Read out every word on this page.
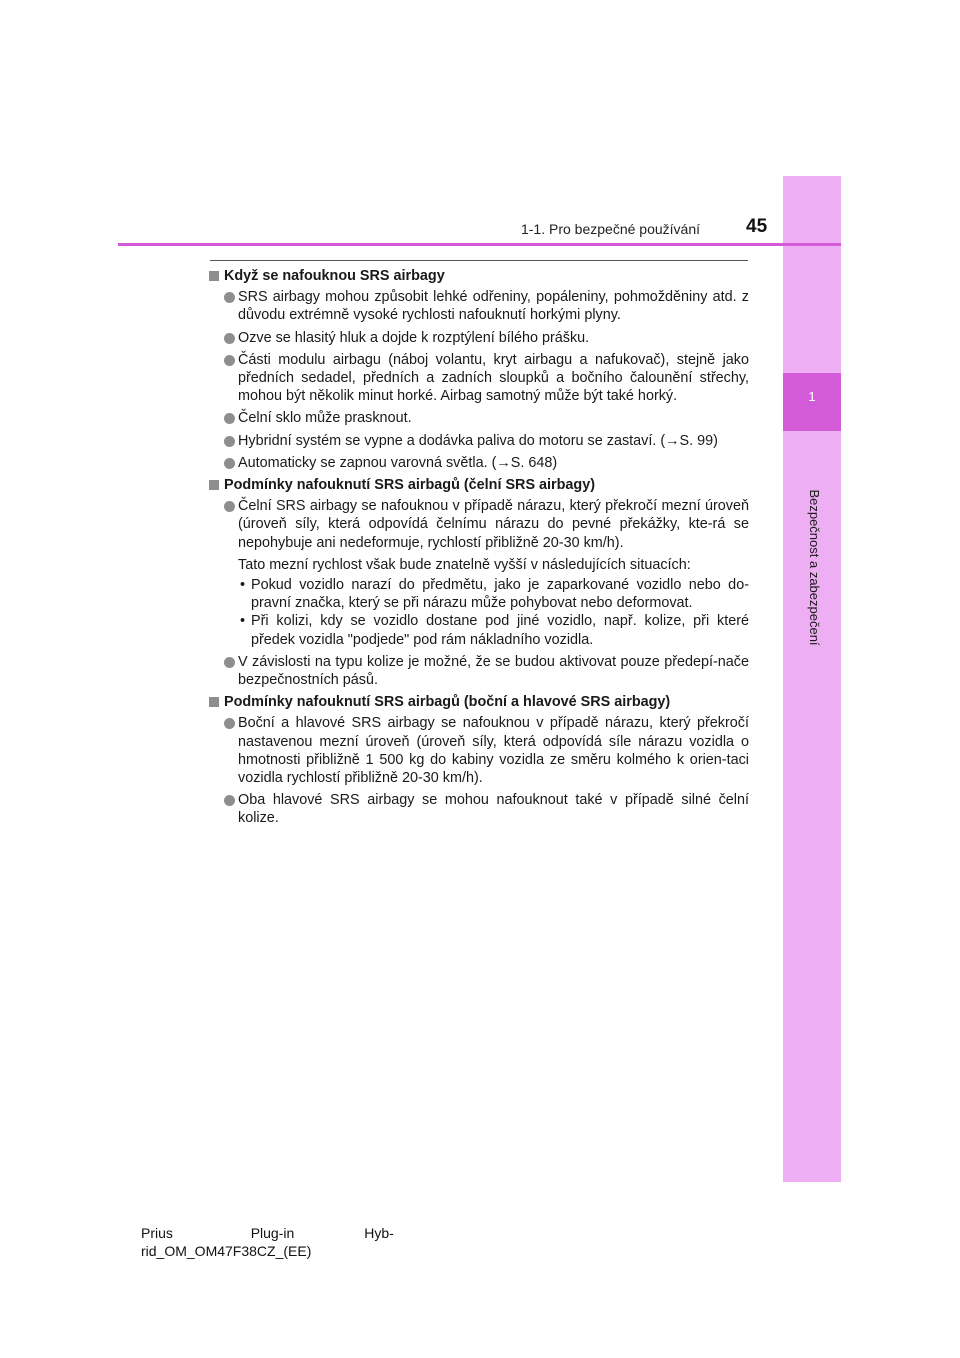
1
Bezpečnost a zabezpečení
1-1. Pro bezpečné používání 45
Když se nafouknou SRS airbagy
SRS airbagy mohou způsobit lehké odřeniny, popáleniny, pohmožděniny atd. z důvodu extrémně vysoké rychlosti nafouknutí horkými plyny.
Ozve se hlasitý hluk a dojde k rozptýlení bílého prášku.
Části modulu airbagu (náboj volantu, kryt airbagu a nafukovač), stejně jako předních sedadel, předních a zadních sloupků a bočního čalounění střechy, mohou být několik minut horké. Airbag samotný může být také horký.
Čelní sklo může prasknout.
Hybridní systém se vypne a dodávka paliva do motoru se zastaví. (→S. 99)
Automaticky se zapnou varovná světla. (→S. 648)
Podmínky nafouknutí SRS airbagů (čelní SRS airbagy)
Čelní SRS airbagy se nafouknou v případě nárazu, který překročí mezní úroveň (úroveň síly, která odpovídá čelnímu nárazu do pevné překážky, kte-rá se nepohybuje ani nedeformuje, rychlostí přibližně 20-30 km/h).
Tato mezní rychlost však bude znatelně vyšší v následujících situacích:
• Pokud vozidlo narazí do předmětu, jako je zaparkované vozidlo nebo do-pravní značka, který se při nárazu může pohybovat nebo deformovat.
• Při kolizi, kdy se vozidlo dostane pod jiné vozidlo, např. kolize, při které předek vozidla "podjede" pod rám nákladního vozidla.
V závislosti na typu kolize je možné, že se budou aktivovat pouze předepí-nače bezpečnostních pásů.
Podmínky nafouknutí SRS airbagů (boční a hlavové SRS airbagy)
Boční a hlavové SRS airbagy se nafouknou v případě nárazu, který překročí nastavenou mezní úroveň (úroveň síly, která odpovídá síle nárazu vozidla o hmotnosti přibližně 1 500 kg do kabiny vozidla ze směru kolmého k orien-taci vozidla rychlostí přibližně 20-30 km/h).
Oba hlavové SRS airbagy se mohou nafouknout také v případě silné čelní kolize.
Prius                    Plug-in                  Hyb-
rid_OM_OM47F38CZ_(EE)
